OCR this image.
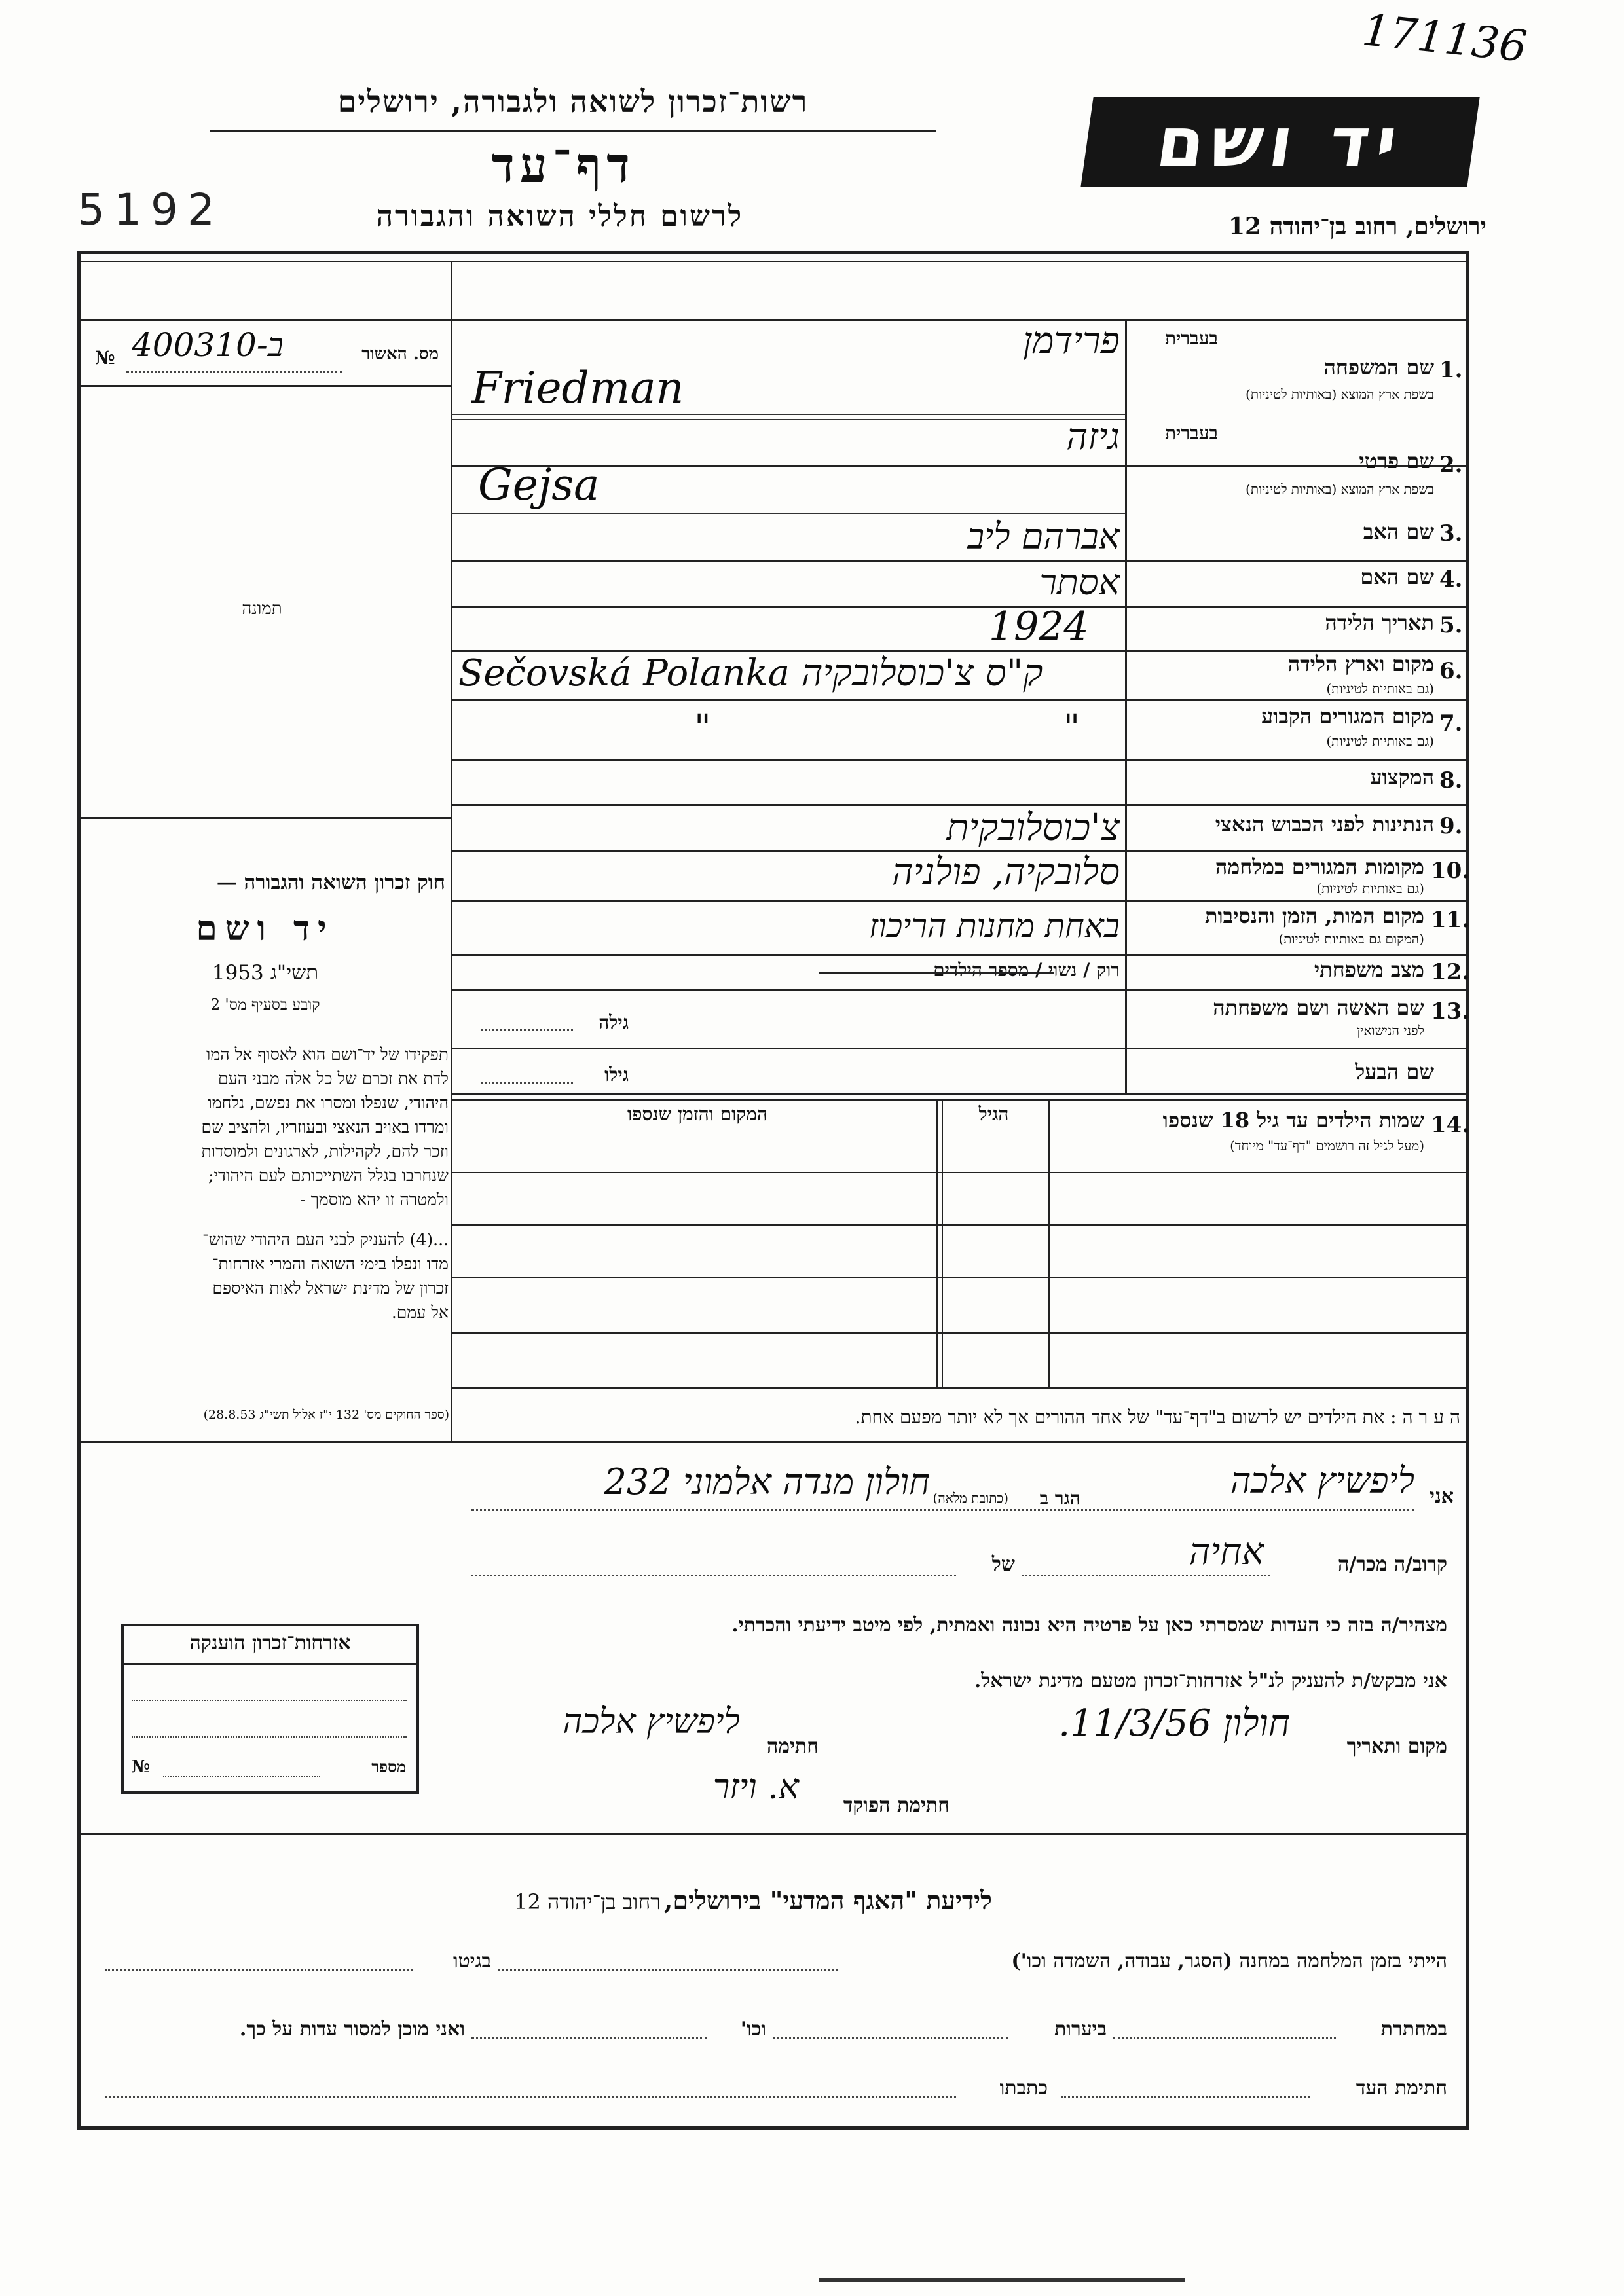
171136
רשות־זכרון לשואה ולגבורה, ירושלים
דף־עד
5192	לרשום חללי השואה והגבורה
יד ושם
ירושלים, רחוב בן־יהודה 12
№ 400310-ב	מס. האשור
תמונה
חוק זכרון השואה והגבורה —
יד ושם
תשי"ג 1953
קובע בסעיף מס' 2
תפקידו של יד־ושם הוא לאסוף אל המו
לדת את זכרם של כל אלה מבני העם
היהודי, שנפלו ומסרו את נפשם, נלחמו
ומרדו באויב הנאצי ובעוזריו, ולהציב שם
וזכר להם, לקהילות, לארגונים ולמוסדות
שנחרבו בגלל השתייכותם לעם היהודי;
ולמטרה זו יהא מוסמך -
...(4) להעניק לבני העם היהודי שהוש־
מדו ונפלו בימי השואה והמרי אזרחות־
זכרון של מדינת ישראל לאות האיספם
אל עמם.
(ספר החוקים מס' 132 י"ז אלול תשי"ג 28.8.53)
בעברית
1.
שם המשפחה
בשפת ארץ המוצא (באותיות לטיניות)
פרידמן
Friedman
בעברית
2.
שם פרטי
בשפת ארץ המוצא (באותיות לטיניות)
גיזה
Gejsa
3.
שם האב
אברהם ליב
4.
שם האם
אסתר
5.
תאריך הלידה
1924
6.
מקום וארץ הלידה
(גם באותיות לטיניות)
Sečovská Polanka ק"ס צ'כוסלובקיה
7.
מקום המגורים הקבוע
(גם באותיות לטיניות)
" "
8.
המקצוע
9.
הנתינות לפני הכבוש הנאצי
צ'כוסלובקית
10.
מקומות המגורים במלחמה
(גם באותיות לטיניות)
סלובקיה, פולניה
11.
מקום המות, הזמן והנסיבות
(המקום גם באותיות לטיניות)
באחת מחנות הריכוז
12.
מצב משפחתי
רוק / נשוי / מספר הילדים
13.
שם האשה ושם משפחתה
לפני הנישואין
גילה
שם הבעל
גילו
14.
שמות הילדים עד גיל 18 שנספו
(מעל לגיל זה רושמים "דף־עד" מיוחד)
הגיל
המקום והזמן שנספו
ה ע ר ה : את הילדים יש לרשום ב"דף־עד" של אחד ההורים אך לא יותר מפעם אחת.
אני
ליפשיץ אלכה
הגר ב
(כתובת מלאה)
חולון מנדה אלמוני 232
קרוב/ה מכר/ה
אחיה
של
מצהיר/ה בזה כי העדות שמסרתי כאן על פרטיה היא נכונה ואמתית, לפי מיטב ידיעתי והכרתי.
אני מבקש/ת להעניק לנ"ל אזרחות־זכרון מטעם מדינת ישראל.
מקום ותאריך
חולון 11/3/56.
חתימה
ליפשיץ אלכה
חתימת הפוקד
א. ויזר
אזרחות־זכרון הוענקה
№	מספר
לידיעת "האגף המדעי" בירושלים, רחוב בן־יהודה 12
הייתי בזמן המלחמה במחנה (הסגר, עבודה, השמדה וכו')
בגיטו
במחתרת
ביערות
וכו'
ואני מוכן למסור עדות על כך.
חתימת העד
כתבתו
